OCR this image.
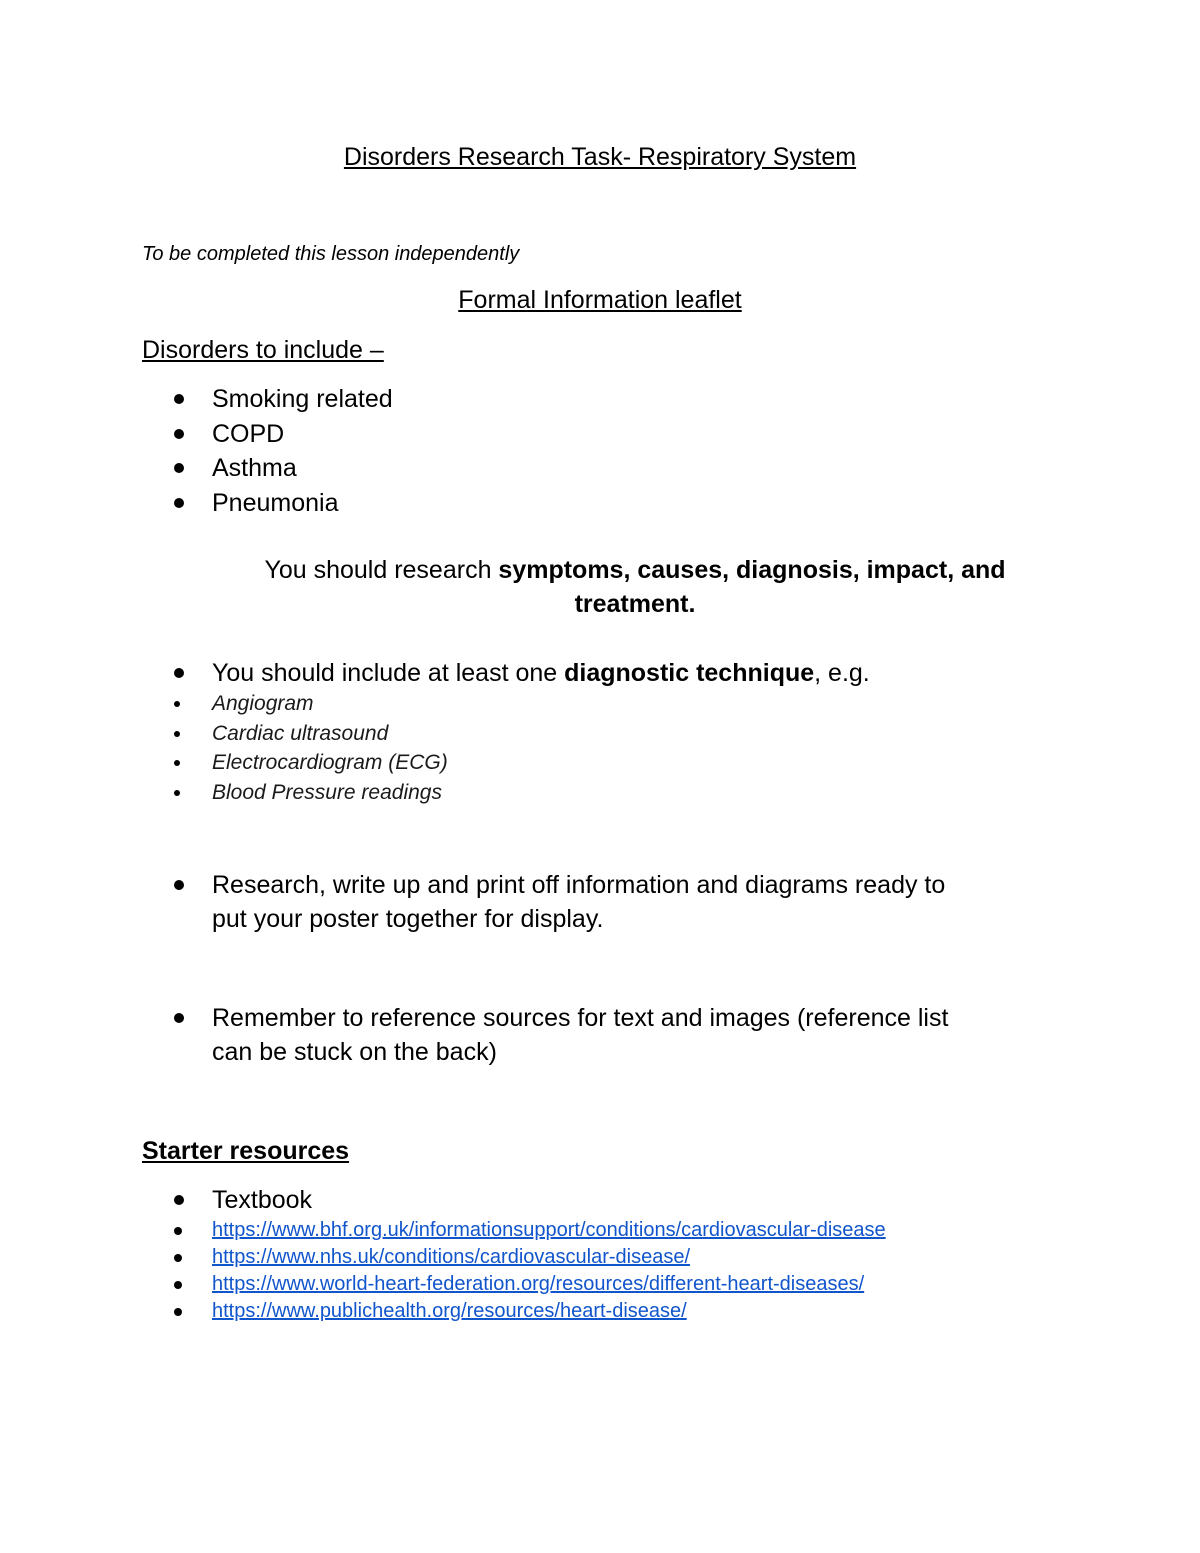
Disorders Research Task- Respiratory System

To be completed this lesson independently

Formal Information leaflet
Disorders to include –
Smoking related
COPD
Asthma
Pneumonia

You should research symptoms, causes, diagnosis, impact, and
treatment.

You should include at least one diagnostic technique, e.g.
Angiogram
Cardiac ultrasound
Electrocardiogram (ECG)
Blood Pressure readings
Research, write up and print off information and diagrams ready to
put your poster together for display.
Remember to reference sources for text and images (reference list
can be stuck on the back)
Starter resources
Textbook
https://www.bhf.org.uk/informationsupport/conditions/cardiovascular-disease
https://www.nhs.uk/conditions/cardiovascular-disease/
https://www.world-heart-federation.org/resources/different-heart-diseases/
https://www.publichealth.org/resources/heart-disease/
